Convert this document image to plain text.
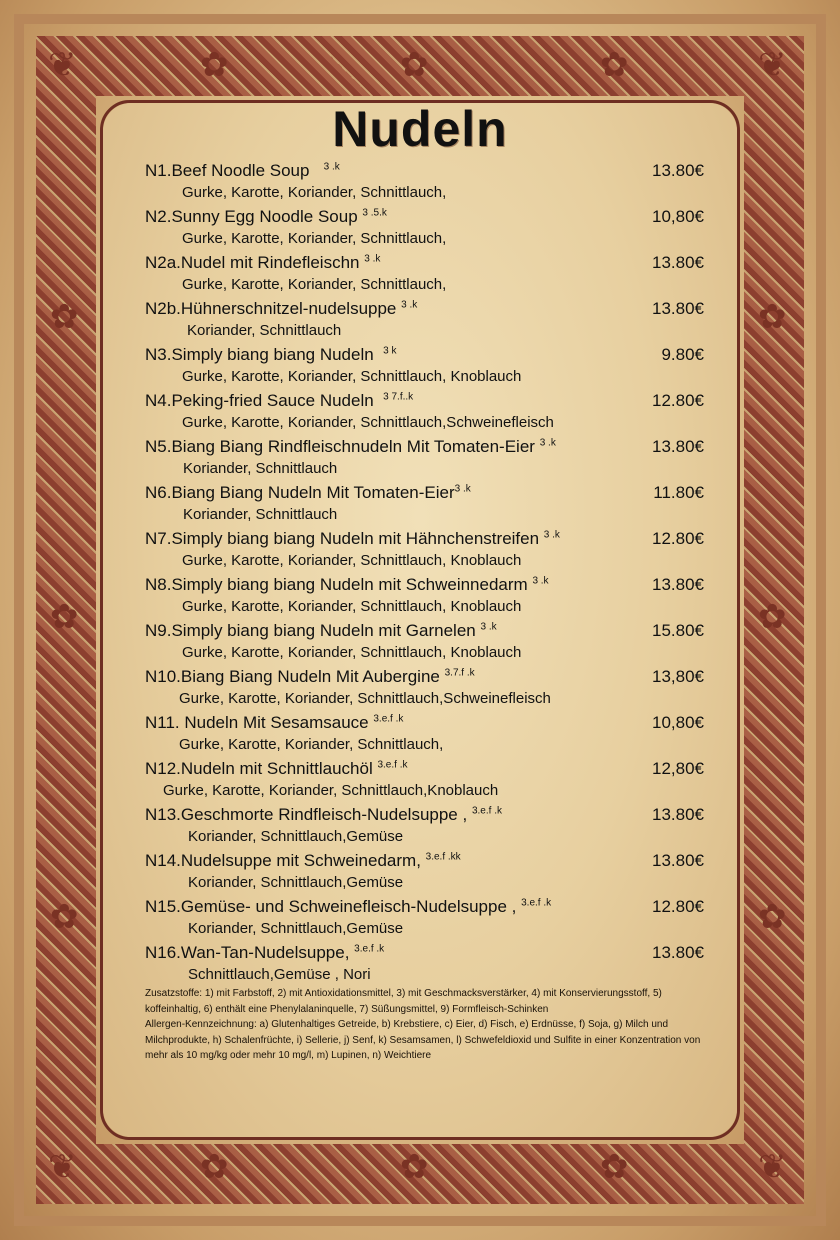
❦	❦
❦	❦
✿	✿	✿
✿	✿	✿
✿
✿
✿
✿
✿
✿
Nudeln
N1.Beef Noodle Soup $^{3 .k}$	13.80€
Gurke, Karotte, Koriander, Schnittlauch,
N2.Sunny Egg Noodle Soup $^{3 .5.k}$	10,80€
Gurke, Karotte, Koriander, Schnittlauch,
N2a.Nudel mit Rindefleischn $^{3 .k}$	13.80€
Gurke, Karotte, Koriander, Schnittlauch,
N2b.Hühnerschnitzel-nudelsuppe $^{3 .k}$	13.80€
Koriander, Schnittlauch
N3.Simply biang biang Nudeln $^{3 k}$	9.80€
Gurke, Karotte, Koriander, Schnittlauch, Knoblauch
N4.Peking-fried Sauce Nudeln $^{3 7.f..k}$	12.80€
Gurke, Karotte, Koriander, Schnittlauch,Schweinefleisch
N5.Biang Biang Rindfleischnudeln Mit Tomaten-Eier $^{3 .k}$	13.80€
Koriander, Schnittlauch
N6.Biang Biang Nudeln Mit Tomaten-Eier$^{3 .k}$	11.80€
Koriander, Schnittlauch
N7.Simply biang biang Nudeln mit Hähnchenstreifen $^{3 .k}$	12.80€
Gurke, Karotte, Koriander, Schnittlauch, Knoblauch
N8.Simply biang biang Nudeln mit Schweinnedarm $^{3 .k}$	13.80€
Gurke, Karotte, Koriander, Schnittlauch, Knoblauch
N9.Simply biang biang Nudeln mit Garnelen $^{3 .k}$	15.80€
Gurke, Karotte, Koriander, Schnittlauch, Knoblauch
N10.Biang Biang Nudeln Mit Aubergine $^{3.7.f .k}$	13,80€
Gurke, Karotte, Koriander, Schnittlauch,Schweinefleisch
N11. Nudeln Mit Sesamsauce $^{3.e.f .k}$	10,80€
Gurke, Karotte, Koriander, Schnittlauch,
N12.Nudeln mit Schnittlauchöl $^{3.e.f .k}$	12,80€
Gurke, Karotte, Koriander, Schnittlauch,Knoblauch
N13.Geschmorte Rindfleisch-Nudelsuppe , $^{3.e.f .k}$	13.80€
Koriander, Schnittlauch,Gemüse
N14.Nudelsuppe mit Schweinedarm, $^{3.e.f .kk}$	13.80€
Koriander, Schnittlauch,Gemüse
N15.Gemüse- und Schweinefleisch-Nudelsuppe , $^{3.e.f .k}$	12.80€
Koriander, Schnittlauch,Gemüse
N16.Wan-Tan-Nudelsuppe, $^{3.e.f .k}$	13.80€
Schnittlauch,Gemüse , Nori
Zusatzstoffe: 1) mit Farbstoff, 2) mit Antioxidationsmittel, 3) mit Geschmacksverstärker, 4) mit Konservierungsstoff, 5) koffeinhaltig, 6) enthält eine Phenylalaninquelle, 7) Süßungsmittel, 9) Formfleisch-Schinken
Allergen-Kennzeichnung: a) Glutenhaltiges Getreide, b) Krebstiere, c) Eier, d) Fisch, e) Erdnüsse, f) Soja, g) Milch und Milchprodukte, h) Schalenfrüchte, i) Sellerie, j) Senf, k) Sesamsamen, l) Schwefeldioxid und Sulfite in einer Konzentration von mehr als 10 mg/kg oder mehr 10 mg/l, m) Lupinen, n) Weichtiere
